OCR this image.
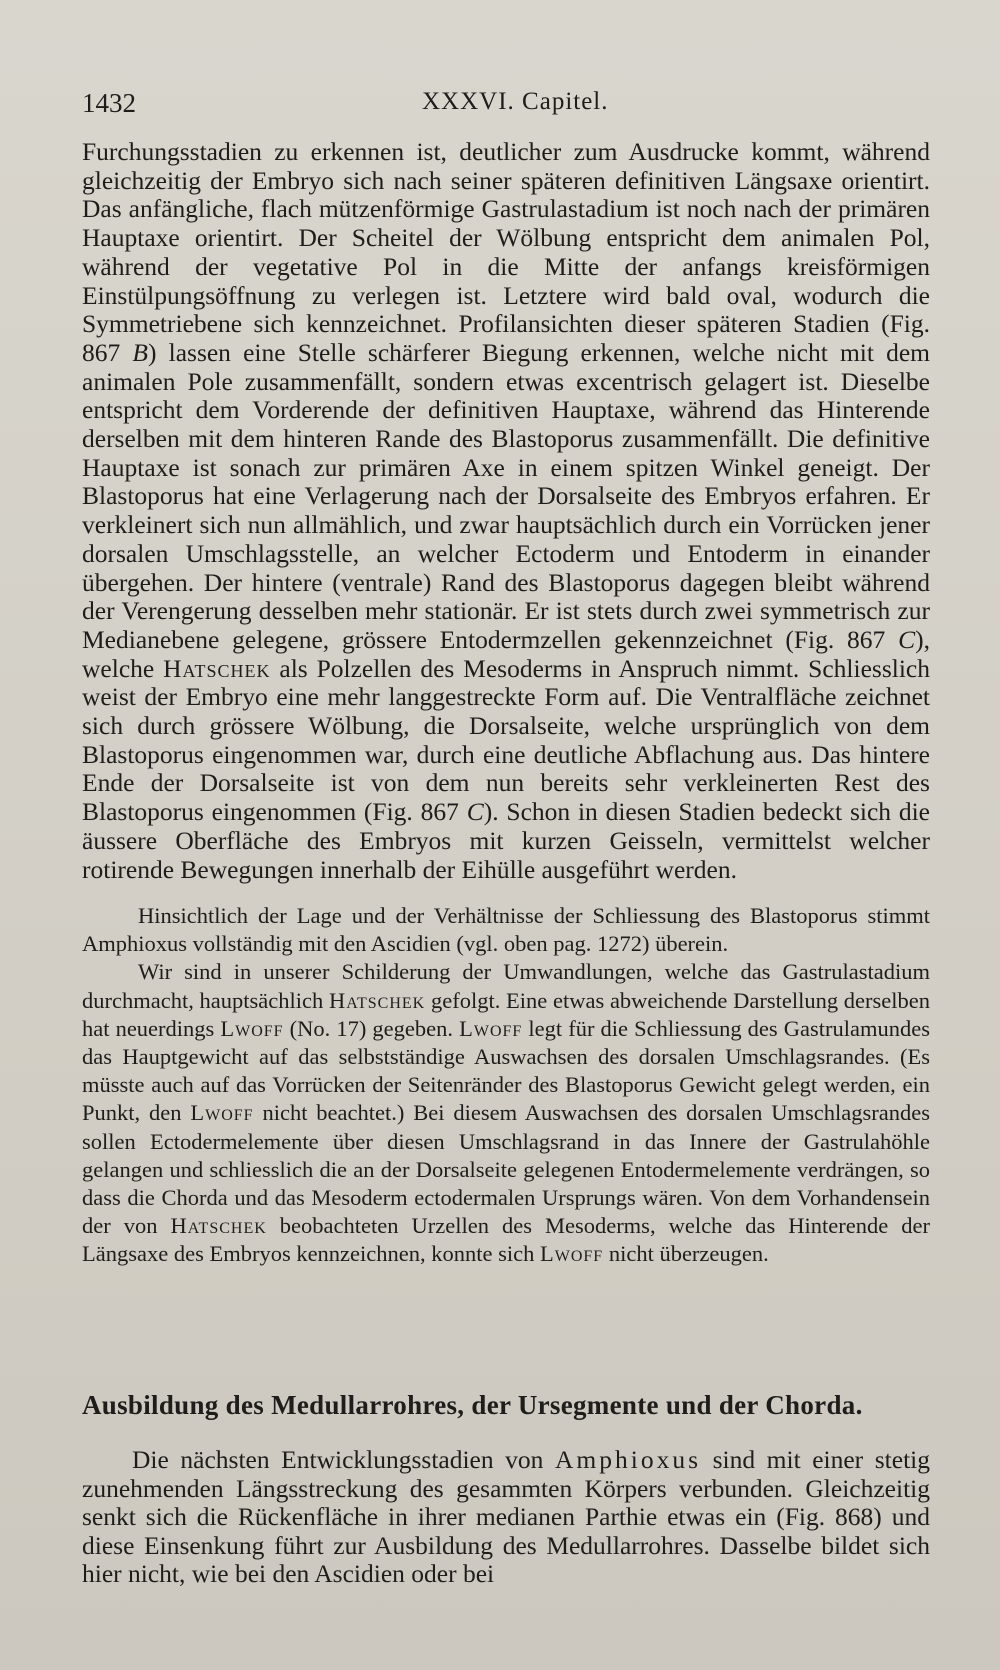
1432	XXXVI. Capitel.

Furchungsstadien zu erkennen ist, deutlicher zum Ausdrucke kommt, während gleichzeitig der Embryo sich nach seiner späteren definitiven Längsaxe orientirt. Das anfängliche, flach mützenförmige Gastrulastadium ist noch nach der primären Hauptaxe orientirt. Der Scheitel der Wölbung entspricht dem animalen Pol, während der vegetative Pol in die Mitte der anfangs kreisförmigen Einstülpungsöffnung zu verlegen ist. Letztere wird bald oval, wodurch die Symmetriebene sich kennzeichnet. Profilansichten dieser späteren Stadien (Fig. 867 B) lassen eine Stelle schärferer Biegung erkennen, welche nicht mit dem animalen Pole zusammenfällt, sondern etwas excentrisch gelagert ist. Dieselbe entspricht dem Vorderende der definitiven Hauptaxe, während das Hinterende derselben mit dem hinteren Rande des Blastoporus zusammenfällt. Die definitive Hauptaxe ist sonach zur primären Axe in einem spitzen Winkel geneigt. Der Blastoporus hat eine Verlagerung nach der Dorsalseite des Embryos erfahren. Er verkleinert sich nun allmählich, und zwar hauptsächlich durch ein Vorrücken jener dorsalen Umschlagsstelle, an welcher Ectoderm und Entoderm in einander übergehen. Der hintere (ventrale) Rand des Blastoporus dagegen bleibt während der Verengerung desselben mehr stationär. Er ist stets durch zwei symmetrisch zur Medianebene gelegene, grössere Entodermzellen gekennzeichnet (Fig. 867 C), welche Hatschek als Polzellen des Mesoderms in Anspruch nimmt. Schliesslich weist der Embryo eine mehr langgestreckte Form auf. Die Ventralfläche zeichnet sich durch grössere Wölbung, die Dorsalseite, welche ursprünglich von dem Blastoporus eingenommen war, durch eine deutliche Abflachung aus. Das hintere Ende der Dorsalseite ist von dem nun bereits sehr verkleinerten Rest des Blastoporus eingenommen (Fig. 867 C). Schon in diesen Stadien bedeckt sich die äussere Oberfläche des Embryos mit kurzen Geisseln, vermittelst welcher rotirende Bewegungen innerhalb der Eihülle ausgeführt werden.

Hinsichtlich der Lage und der Verhältnisse der Schliessung des Blastoporus stimmt Amphioxus vollständig mit den Ascidien (vgl. oben pag. 1272) überein.

Wir sind in unserer Schilderung der Umwandlungen, welche das Gastrulastadium durchmacht, hauptsächlich Hatschek gefolgt. Eine etwas abweichende Darstellung derselben hat neuerdings Lwoff (No. 17) gegeben. Lwoff legt für die Schliessung des Gastrulamundes das Hauptgewicht auf das selbstständige Auswachsen des dorsalen Umschlagsrandes. (Es müsste auch auf das Vorrücken der Seitenränder des Blastoporus Gewicht gelegt werden, ein Punkt, den Lwoff nicht beachtet.) Bei diesem Auswachsen des dorsalen Umschlagsrandes sollen Ectodermelemente über diesen Umschlagsrand in das Innere der Gastrulahöhle gelangen und schliesslich die an der Dorsalseite gelegenen Entodermelemente verdrängen, so dass die Chorda und das Mesoderm ectodermalen Ursprungs wären. Von dem Vorhandensein der von Hatschek beobachteten Urzellen des Mesoderms, welche das Hinterende der Längsaxe des Embryos kennzeichnen, konnte sich Lwoff nicht überzeugen.

Ausbildung des Medullarrohres, der Ursegmente und der Chorda.

Die nächsten Entwicklungsstadien von Amphioxus sind mit einer stetig zunehmenden Längsstreckung des gesammten Körpers verbunden. Gleichzeitig senkt sich die Rückenfläche in ihrer medianen Parthie etwas ein (Fig. 868) und diese Einsenkung führt zur Ausbildung des Medullarrohres. Dasselbe bildet sich hier nicht, wie bei den Ascidien oder bei
